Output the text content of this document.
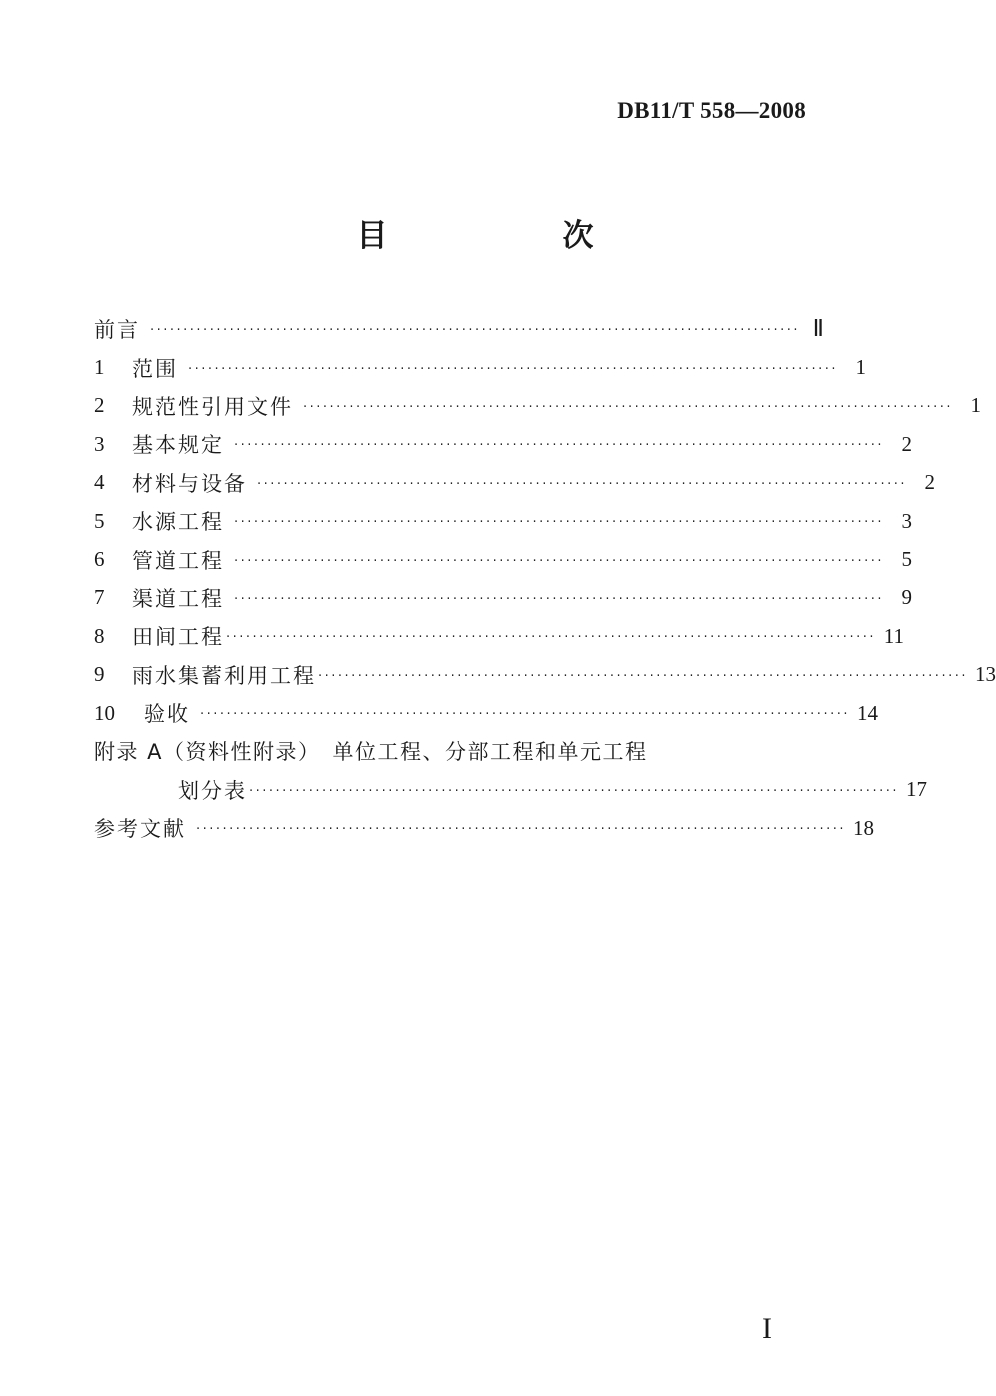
DB11/T 558—2008
目　次
前言 ·································································································· Ⅱ
1	范围 ·································································································· 1
2	规范性引用文件 ·································································································· 1
3	基本规定 ·································································································· 2
4	材料与设备 ·································································································· 2
5	水源工程 ·································································································· 3
6	管道工程 ·································································································· 5
7	渠道工程 ·································································································· 9
8	田间工程 ·································································································· 11
9	雨水集蓄利用工程 ·································································································· 13
10	验收 ·································································································· 14
附录 A（资料性附录）　单位工程、分部工程和单元工程
划分表 ·································································································· 17
参考文献 ·································································································· 18
I
